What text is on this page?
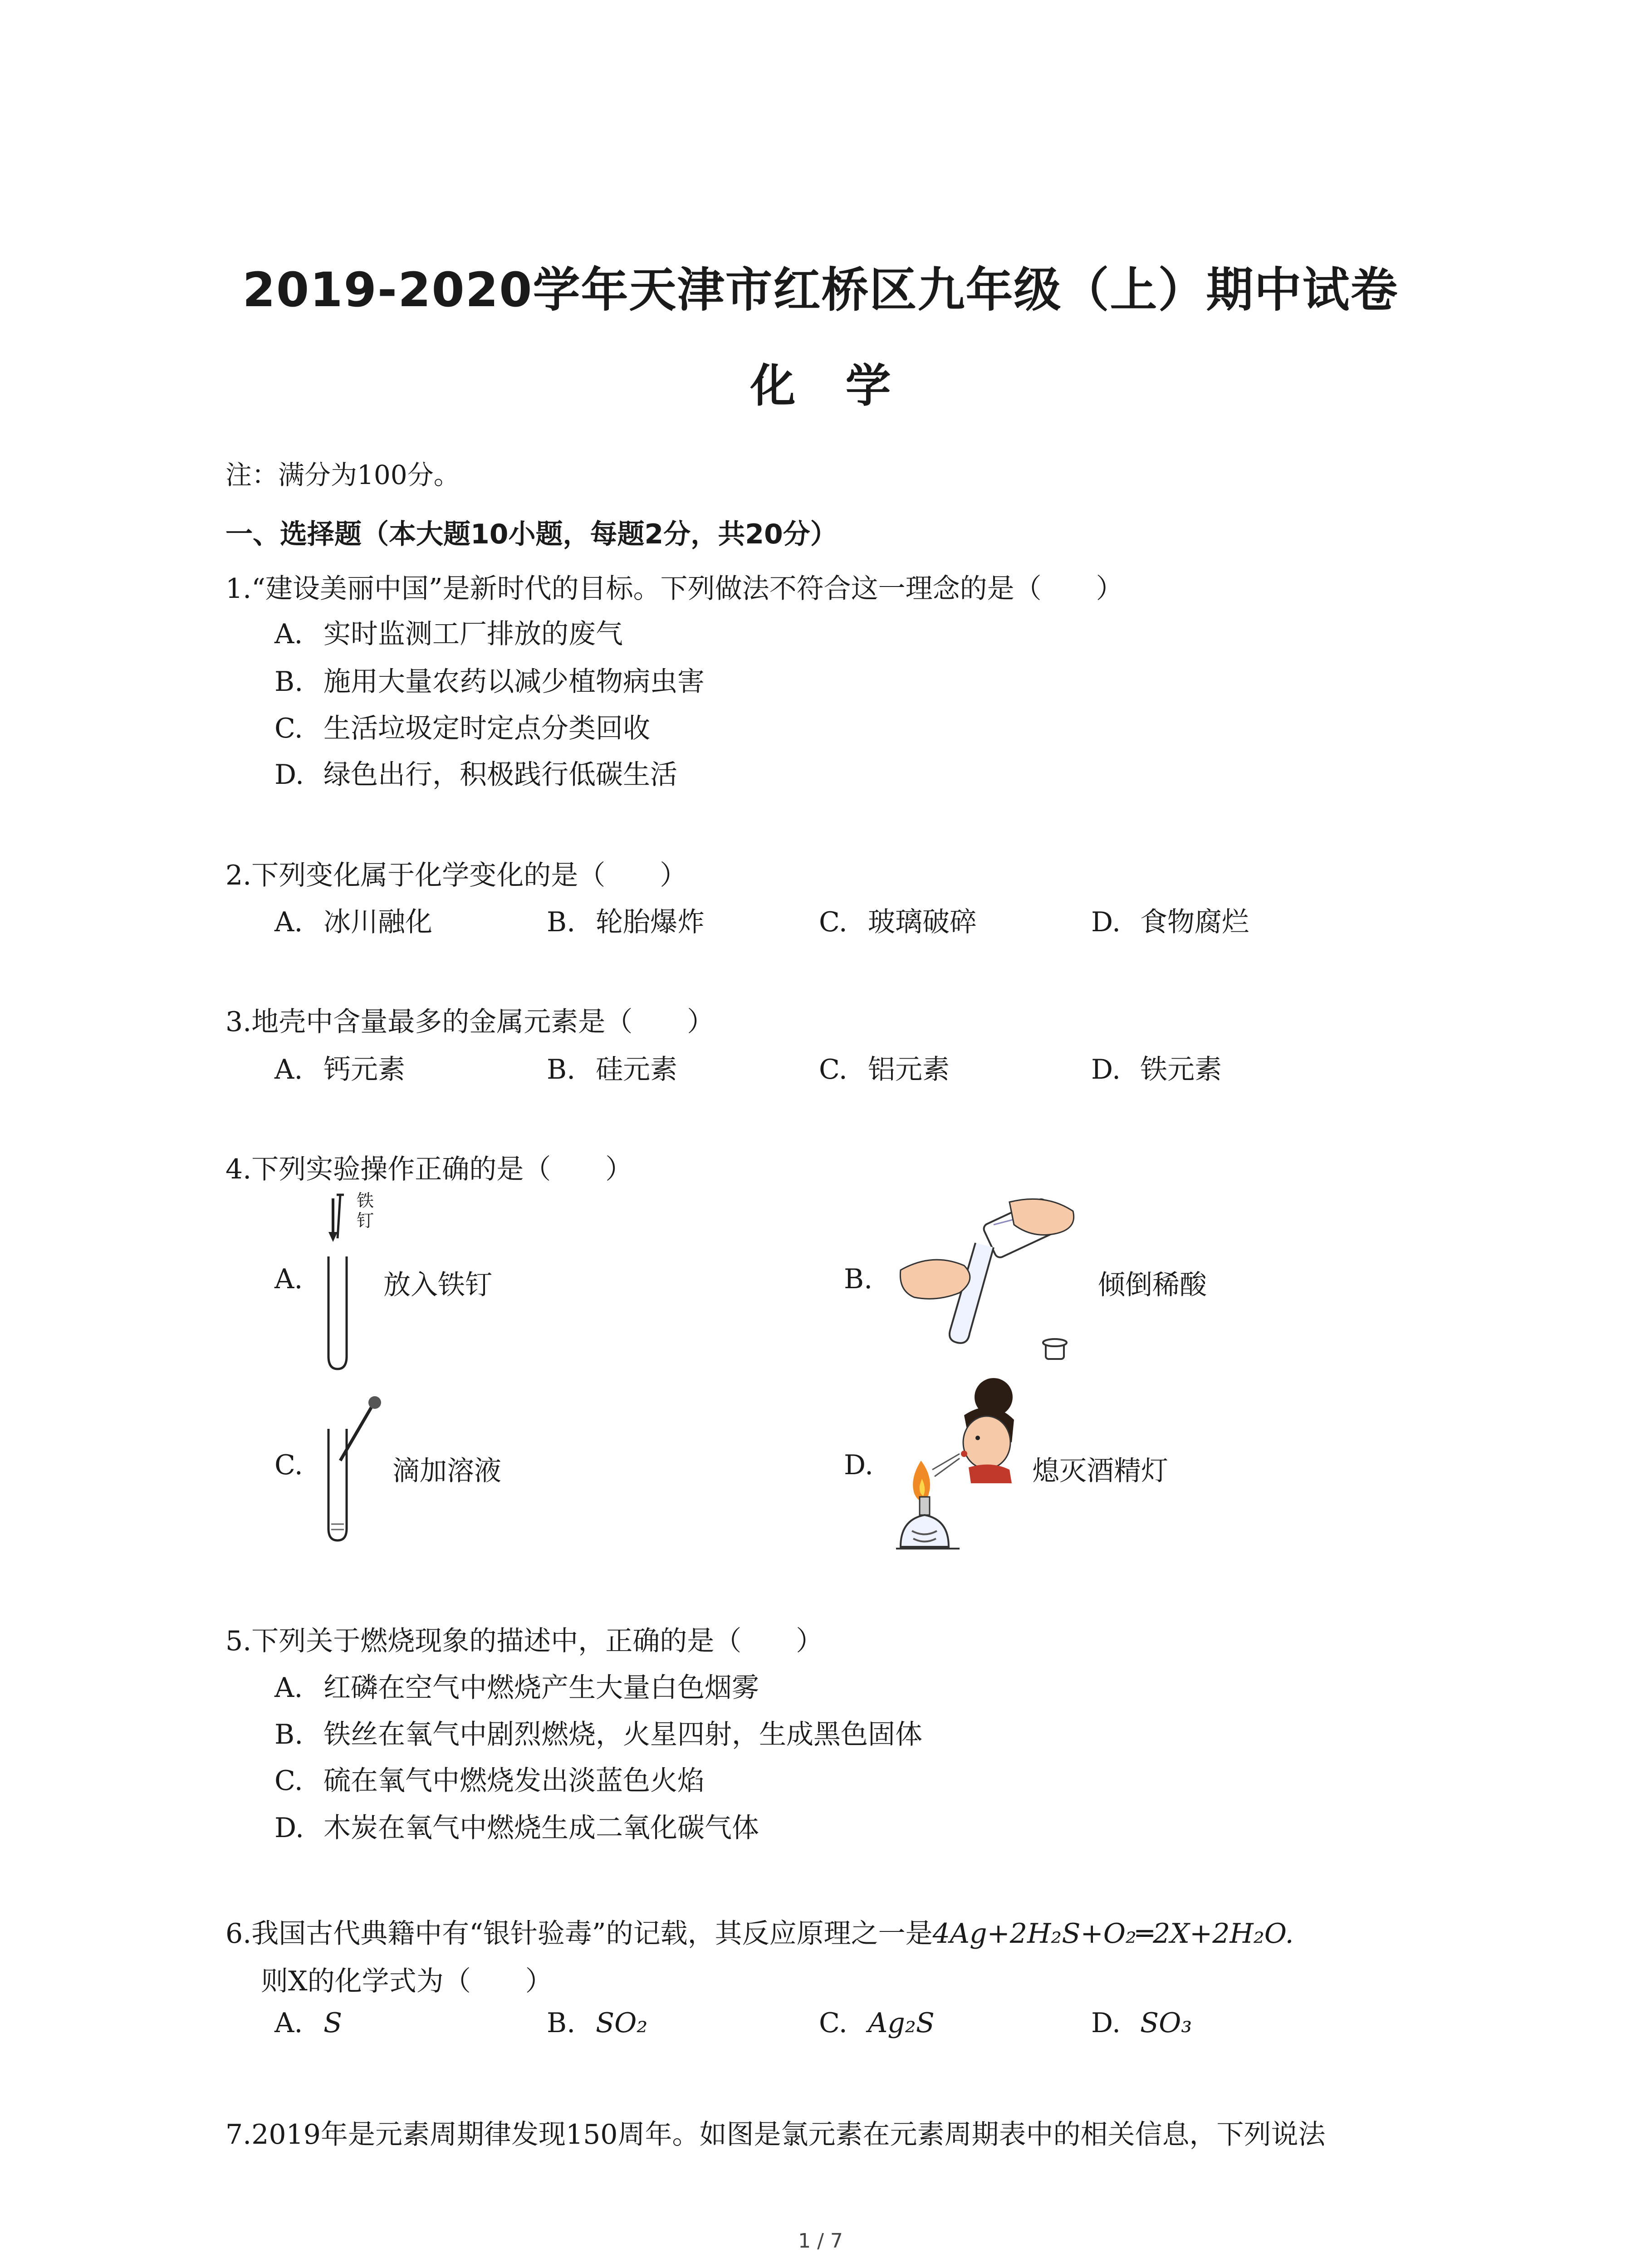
2019-2020学年天津市红桥区九年级（上）期中试卷
化学
注：满分为100分。
一、选择题（本大题10小题，每题2分，共20分）
1.“建设美丽中国”是新时代的目标。下列做法不符合这一理念的是（　　）
A. 实时监测工厂排放的废气
B. 施用大量农药以减少植物病虫害
C. 生活垃圾定时定点分类回收
D. 绿色出行，积极践行低碳生活
2.下列变化属于化学变化的是（　　）
A. 冰川融化	B. 轮胎爆炸	C. 玻璃破碎	D. 食物腐烂
3.地壳中含量最多的金属元素是（　　）
A. 钙元素	B. 硅元素	C. 铝元素	D. 铁元素
4.下列实验操作正确的是（　　）
A.
铁钉
放入铁钉	B.	倾倒稀酸
C.	滴加溶液	D.	熄灭酒精灯
5.下列关于燃烧现象的描述中，正确的是（　　）
A. 红磷在空气中燃烧产生大量白色烟雾
B. 铁丝在氧气中剧烈燃烧，火星四射，生成黑色固体
C. 硫在氧气中燃烧发出淡蓝色火焰
D. 木炭在氧气中燃烧生成二氧化碳气体
6.我国古代典籍中有“银针验毒”的记载，其反应原理之一是4Ag+2H₂S+O₂═2X+2H₂O.
则X的化学式为（　　）
A. S	B. SO₂	C. Ag₂S	D. SO₃
7.2019年是元素周期律发现150周年。如图是氯元素在元素周期表中的相关信息，下列说法
1 / 7
